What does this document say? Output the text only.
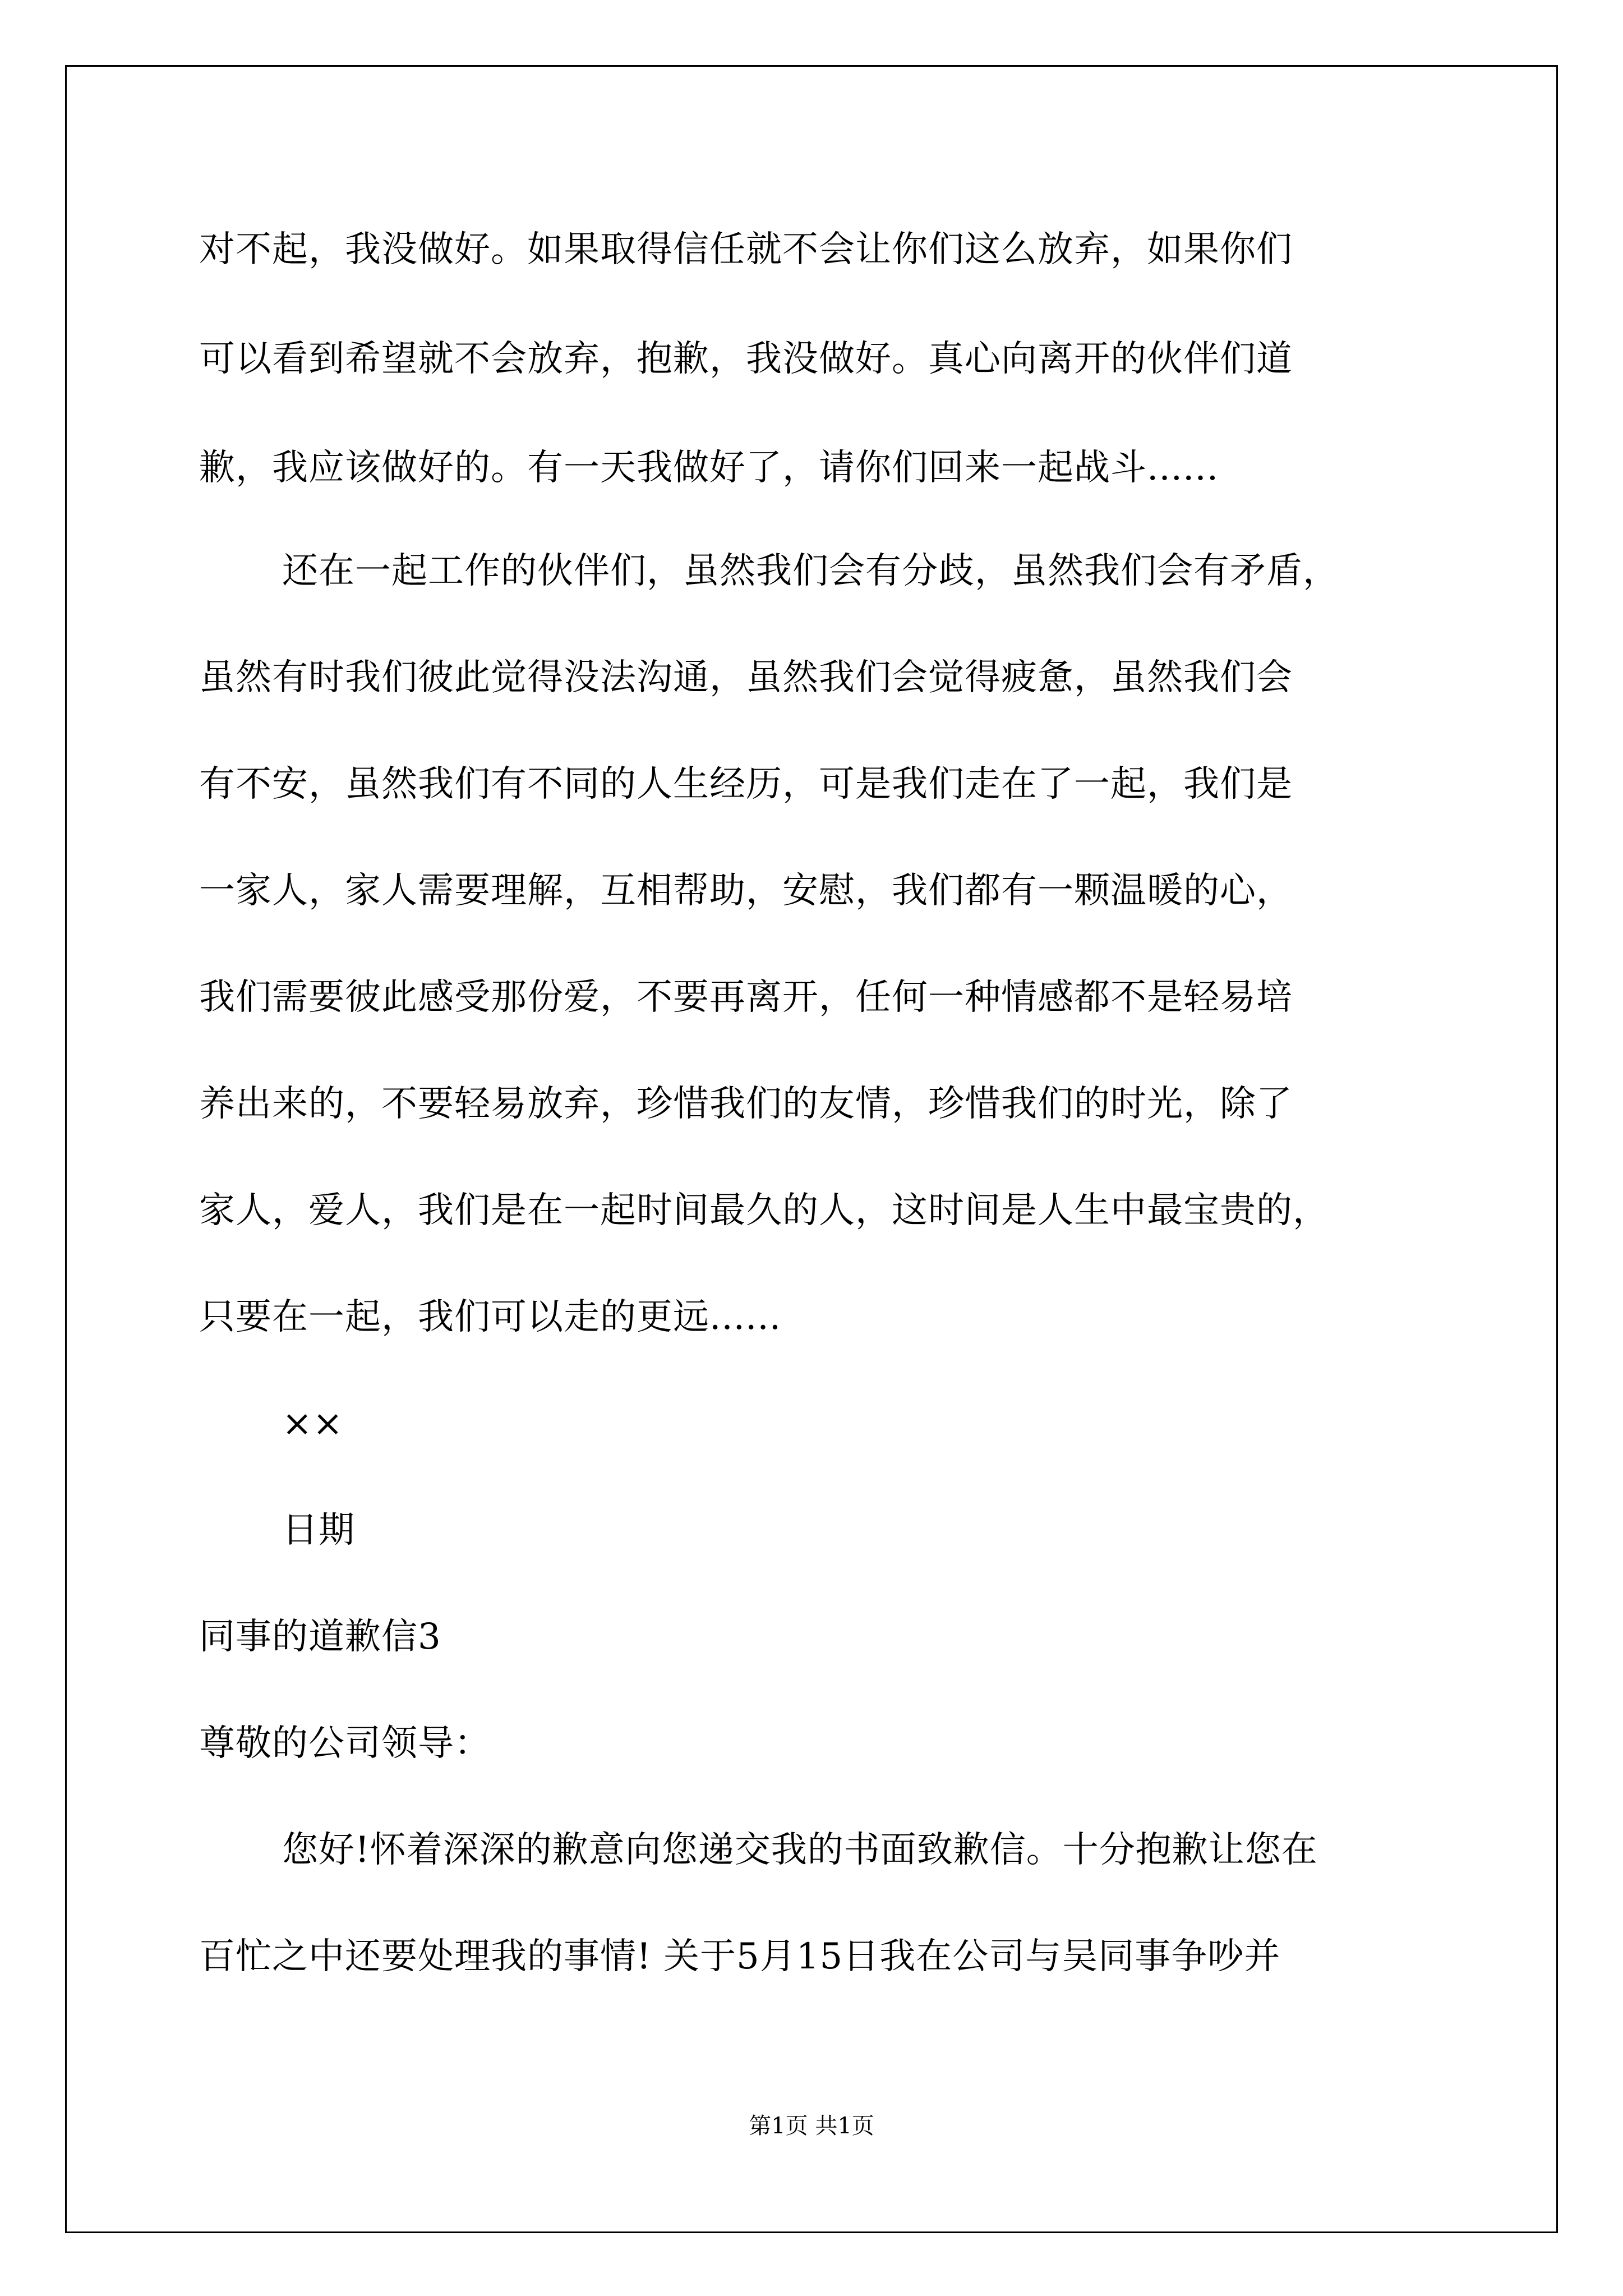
对不起，我没做好。如果取得信任就不会让你们这么放弃，如果你们
可以看到希望就不会放弃，抱歉，我没做好。真心向离开的伙伴们道
歉，我应该做好的。有一天我做好了，请你们回来一起战斗......
还在一起工作的伙伴们，虽然我们会有分歧，虽然我们会有矛盾，
虽然有时我们彼此觉得没法沟通，虽然我们会觉得疲惫，虽然我们会
有不安，虽然我们有不同的人生经历，可是我们走在了一起，我们是
一家人，家人需要理解，互相帮助，安慰，我们都有一颗温暖的心，
我们需要彼此感受那份爱，不要再离开，任何一种情感都不是轻易培
养出来的，不要轻易放弃，珍惜我们的友情，珍惜我们的时光，除了
家人，爱人，我们是在一起时间最久的人，这时间是人生中最宝贵的，
只要在一起，我们可以走的更远......
××
日期
同事的道歉信3
尊敬的公司领导：
您好!怀着深深的歉意向您递交我的书面致歉信。十分抱歉让您在
百忙之中还要处理我的事情! 关于5月15日我在公司与吴同事争吵并
第1页 共1页
